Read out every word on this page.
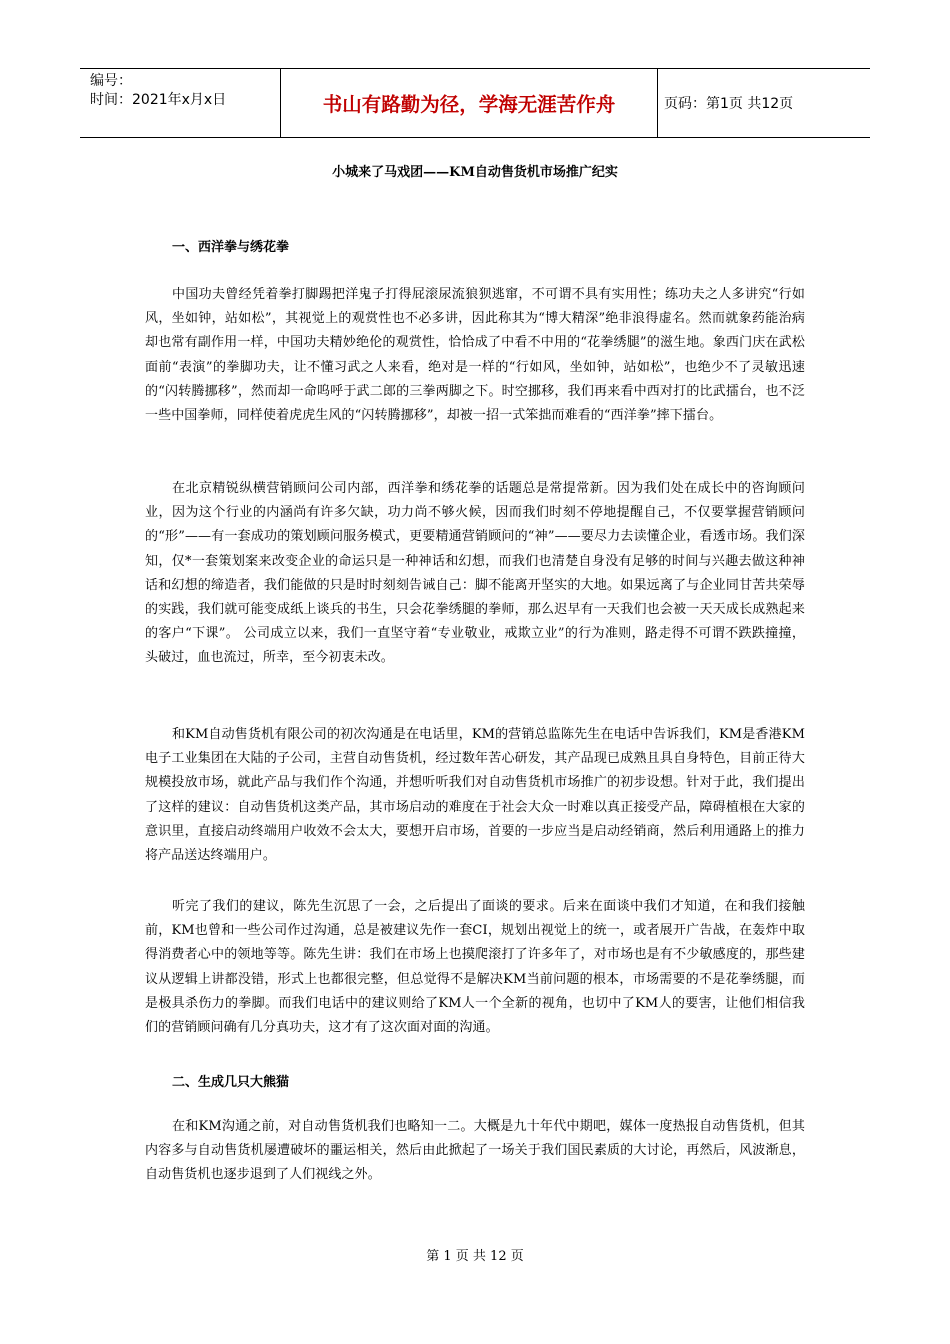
编号：
时间：2021年x月x日	书山有路勤为径，学海无涯苦作舟	页码：第1页 共12页
小城来了马戏团——KM自动售货机市场推广纪实
一、西洋拳与绣花拳

中国功夫曾经凭着拳打脚踢把洋鬼子打得屁滚尿流狼狈逃窜，不可谓不具有实用性；练功夫之人多讲究“行如风，坐如钟，站如松”，其视觉上的观赏性也不必多讲，因此称其为“博大精深”绝非浪得虚名。然而就象药能治病却也常有副作用一样，中国功夫精妙绝伦的观赏性，恰恰成了中看不中用的“花拳绣腿”的滋生地。象西门庆在武松面前“表演”的拳脚功夫，让不懂习武之人来看，绝对是一样的“行如风，坐如钟，站如松”，也绝少不了灵敏迅速的“闪转腾挪移”，然而却一命呜呼于武二郎的三拳两脚之下。时空挪移，我们再来看中西对打的比武擂台，也不泛一些中国拳师，同样使着虎虎生风的“闪转腾挪移”，却被一招一式笨拙而难看的“西洋拳”摔下擂台。

在北京精锐纵横营销顾问公司内部，西洋拳和绣花拳的话题总是常提常新。因为我们处在成长中的咨询顾问业，因为这个行业的内涵尚有许多欠缺，功力尚不够火候，因而我们时刻不停地提醒自己，不仅要掌握营销顾问的“形”——有一套成功的策划顾问服务模式，更要精通营销顾问的“神”——要尽力去读懂企业，看透市场。我们深知，仅*一套策划案来改变企业的命运只是一种神话和幻想，而我们也清楚自身没有足够的时间与兴趣去做这种神话和幻想的缔造者，我们能做的只是时时刻刻告诫自己：脚不能离开坚实的大地。如果远离了与企业同甘苦共荣辱的实践，我们就可能变成纸上谈兵的书生，只会花拳绣腿的拳师，那么迟早有一天我们也会被一天天成长成熟起来的客户“下课”。 公司成立以来，我们一直坚守着“专业敬业，戒欺立业”的行为准则，路走得不可谓不跌跌撞撞，头破过，血也流过，所幸，至今初衷未改。

和KM自动售货机有限公司的初次沟通是在电话里，KM的营销总监陈先生在电话中告诉我们，KM是香港KM电子工业集团在大陆的子公司，主营自动售货机，经过数年苦心研发，其产品现已成熟且具自身特色，目前正待大规模投放市场，就此产品与我们作个沟通，并想听听我们对自动售货机市场推广的初步设想。针对于此，我们提出了这样的建议：自动售货机这类产品，其市场启动的难度在于社会大众一时难以真正接受产品，障碍植根在大家的意识里，直接启动终端用户收效不会太大，要想开启市场，首要的一步应当是启动经销商，然后利用通路上的推力将产品送达终端用户。

听完了我们的建议，陈先生沉思了一会，之后提出了面谈的要求。后来在面谈中我们才知道，在和我们接触前，KM也曾和一些公司作过沟通，总是被建议先作一套CI，规划出视觉上的统一，或者展开广告战，在轰炸中取得消费者心中的领地等等。陈先生讲：我们在市场上也摸爬滚打了许多年了，对市场也是有不少敏感度的，那些建议从逻辑上讲都没错，形式上也都很完整，但总觉得不是解决KM当前问题的根本，市场需要的不是花拳绣腿，而是极具杀伤力的拳脚。而我们电话中的建议则给了KM人一个全新的视角，也切中了KM人的要害，让他们相信我们的营销顾问确有几分真功夫，这才有了这次面对面的沟通。

二、生成几只大熊猫

在和KM沟通之前，对自动售货机我们也略知一二。大概是九十年代中期吧，媒体一度热报自动售货机，但其内容多与自动售货机屡遭破坏的噩运相关，然后由此掀起了一场关于我们国民素质的大讨论，再然后，风波渐息，自动售货机也逐步退到了人们视线之外。

第 1 页 共 12 页
